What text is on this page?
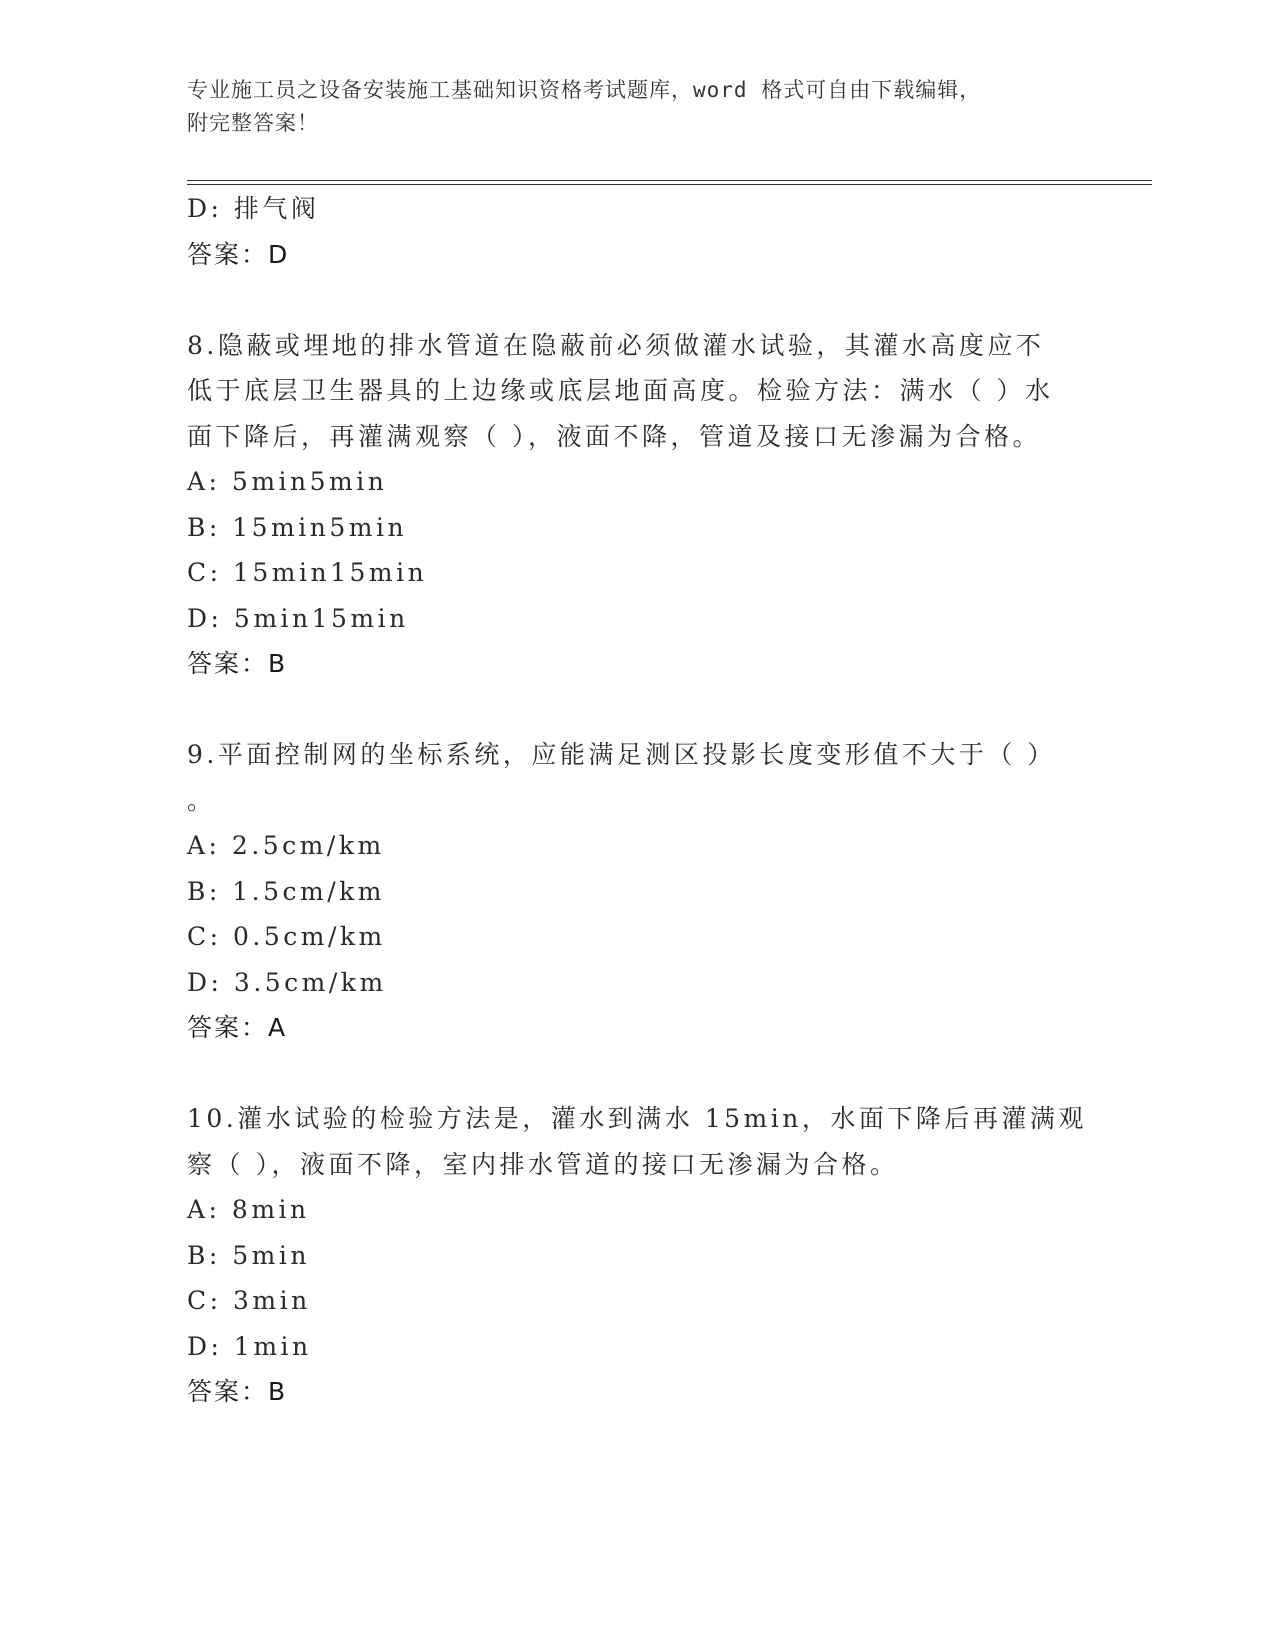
专业施工员之设备安装施工基础知识资格考试题库，word 格式可自由下载编辑，
附完整答案！
D: 排气阀
答案：D
8.隐蔽或埋地的排水管道在隐蔽前必须做灌水试验，其灌水高度应不
低于底层卫生器具的上边缘或底层地面高度。检验方法：满水（ ）水
面下降后，再灌满观察（ ），液面不降，管道及接口无渗漏为合格。
A: 5min5min
B: 15min5min
C: 15min15min
D: 5min15min
答案：B
9.平面控制网的坐标系统，应能满足测区投影长度变形值不大于（ ）
。
A: 2.5cm/km
B: 1.5cm/km
C: 0.5cm/km
D: 3.5cm/km
答案：A
10.灌水试验的检验方法是，灌水到满水 15min，水面下降后再灌满观
察（ ），液面不降，室内排水管道的接口无渗漏为合格。
A: 8min
B: 5min
C: 3min
D: 1min
答案：B
